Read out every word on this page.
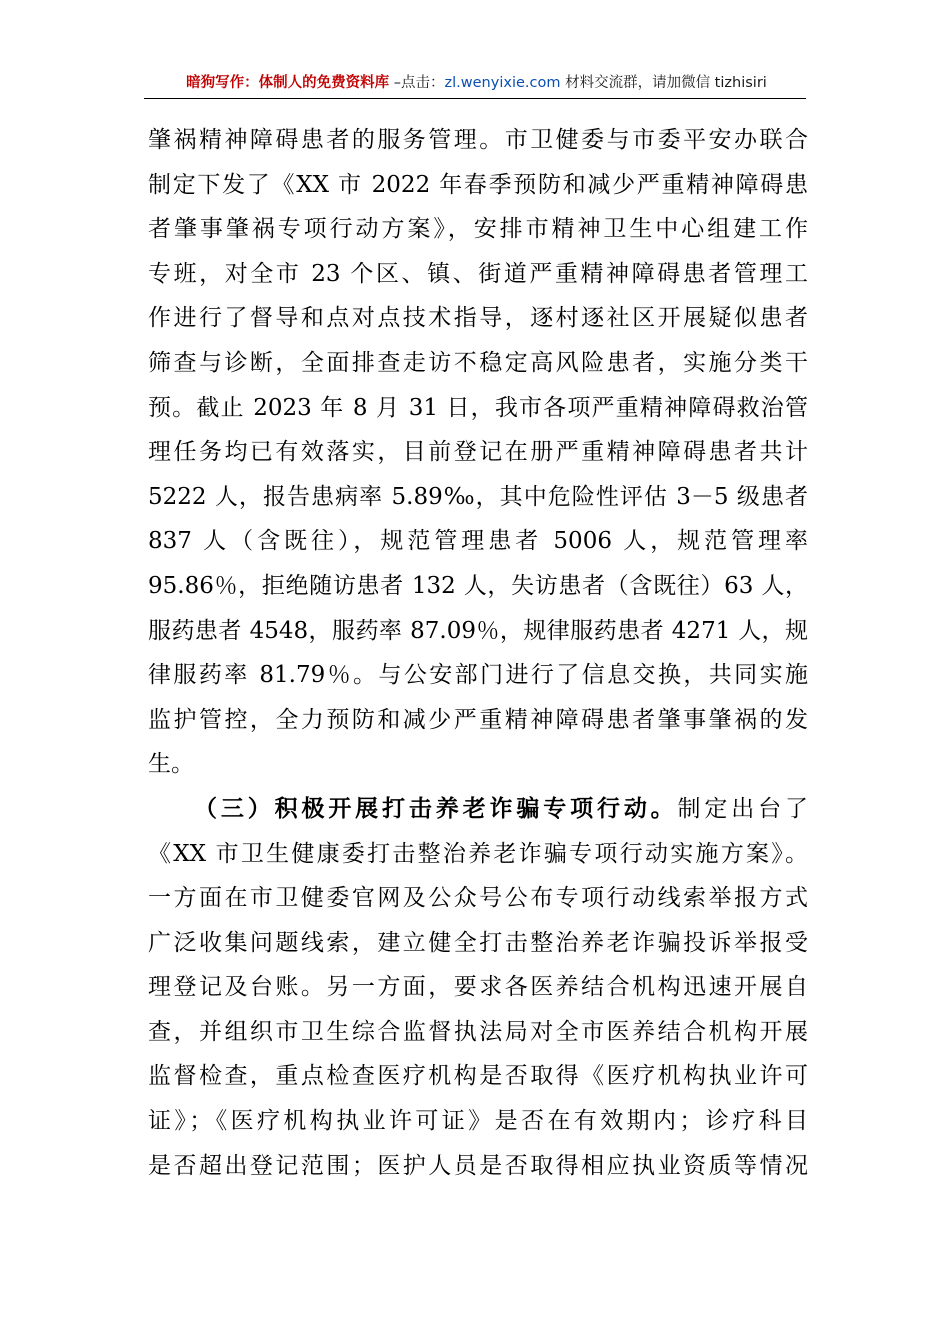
暗狗写作：体制人的免费资料库 –点击：zl.wenyixie.com 材料交流群，请加微信 tizhisiri
肇祸精神障碍患者的服务管理。市卫健委与市委平安办联合
制定下发了《XX 市 2022 年春季预防和减少严重精神障碍患
者肇事肇祸专项行动方案》，安排市精神卫生中心组建工作
专班，对全市 23 个区、镇、街道严重精神障碍患者管理工
作进行了督导和点对点技术指导，逐村逐社区开展疑似患者
筛查与诊断，全面排查走访不稳定高风险患者，实施分类干
预。截止 2023 年 8 月 31 日，我市各项严重精神障碍救治管
理任务均已有效落实，目前登记在册严重精神障碍患者共计
5222 人，报告患病率 5.89‰，其中危险性评估 3－5 级患者
837 人（含既往），规范管理患者 5006 人，规范管理率
95.86％，拒绝随访患者 132 人，失访患者（含既往）63 人，
服药患者 4548，服药率 87.09％，规律服药患者 4271 人，规
律服药率 81.79％。与公安部门进行了信息交换，共同实施
监护管控，全力预防和减少严重精神障碍患者肇事肇祸的发
生。
（三）积极开展打击养老诈骗专项行动。制定出台了
《XX 市卫生健康委打击整治养老诈骗专项行动实施方案》。
一方面在市卫健委官网及公众号公布专项行动线索举报方式
广泛收集问题线索，建立健全打击整治养老诈骗投诉举报受
理登记及台账。另一方面，要求各医养结合机构迅速开展自
查，并组织市卫生综合监督执法局对全市医养结合机构开展
监督检查，重点检查医疗机构是否取得《医疗机构执业许可
证》；《医疗机构执业许可证》是否在有效期内；诊疗科目
是否超出登记范围；医护人员是否取得相应执业资质等情况
